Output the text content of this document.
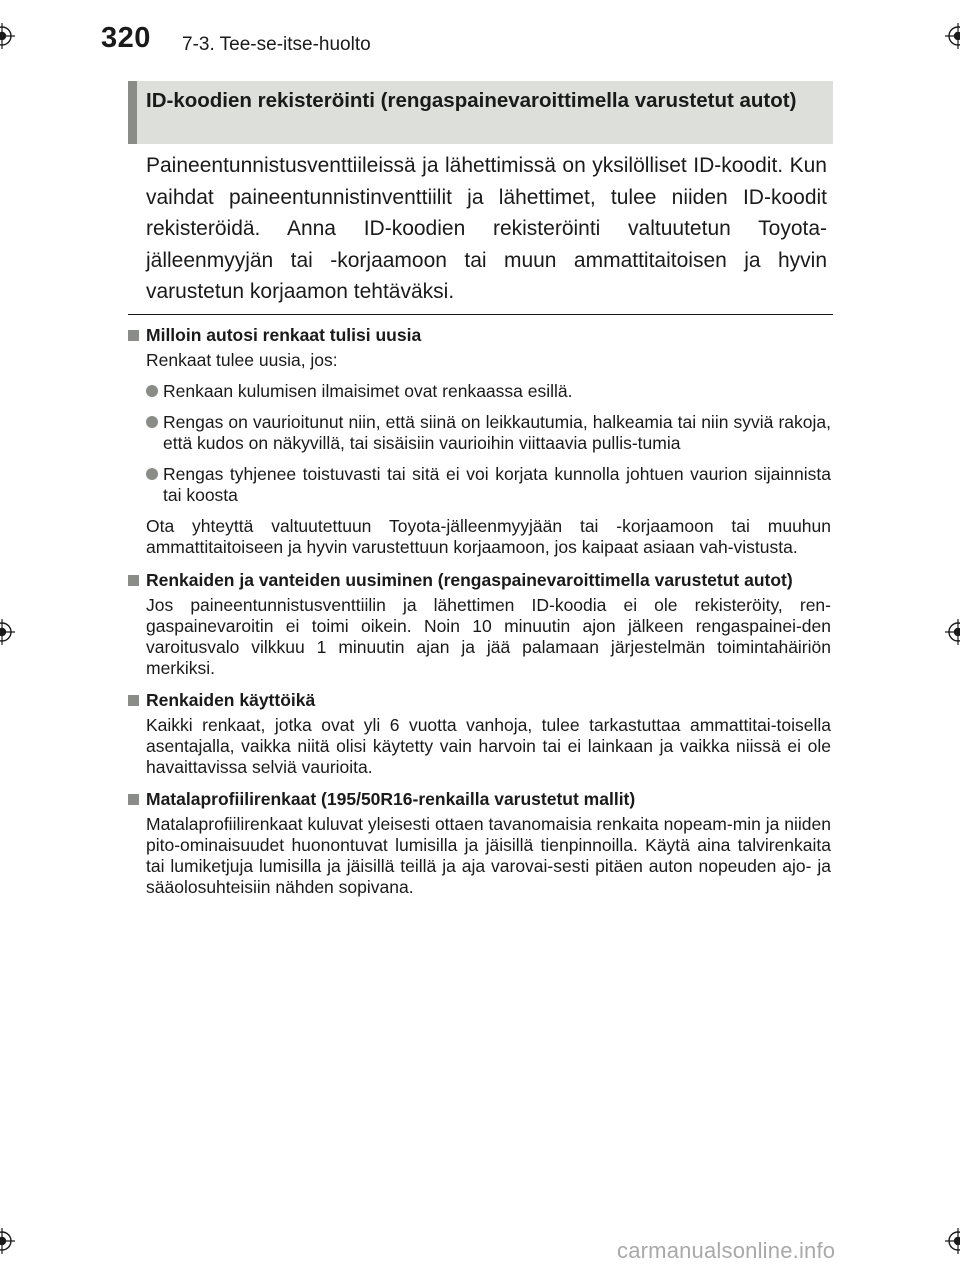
320 7-3. Tee-se-itse-huolto
ID-koodien rekisteröinti (rengaspainevaroittimella varustetut autot)

Paineentunnistusventtiileissä ja lähettimissä on yksilölliset ID-koodit. Kun vaihdat paineentunnistinventtiilit ja lähettimet, tulee niiden ID-koodit rekisteröidä. Anna ID-koodien rekisteröinti valtuutetun Toyota-jälleenmyyjän tai -korjaamoon tai muun ammattitaitoisen ja hyvin varustetun korjaamon tehtäväksi.

Milloin autosi renkaat tulisi uusia

Renkaat tulee uusia, jos:

Renkaan kulumisen ilmaisimet ovat renkaassa esillä.
Rengas on vaurioitunut niin, että siinä on leikkautumia, halkeamia tai niin syviä rakoja, että kudos on näkyvillä, tai sisäisiin vaurioihin viittaavia pullis-tumia
Rengas tyhjenee toistuvasti tai sitä ei voi korjata kunnolla johtuen vaurion sijainnista tai koosta

Ota yhteyttä valtuutettuun Toyota-jälleenmyyjään tai -korjaamoon tai muuhun ammattitaitoiseen ja hyvin varustettuun korjaamoon, jos kaipaat asiaan vah-vistusta.

Renkaiden ja vanteiden uusiminen (rengaspainevaroittimella varustetut autot)

Jos paineentunnistusventtiilin ja lähettimen ID-koodia ei ole rekisteröity, ren-gaspainevaroitin ei toimi oikein. Noin 10 minuutin ajon jälkeen rengaspainei-den varoitusvalo vilkkuu 1 minuutin ajan ja jää palamaan järjestelmän toimintahäiriön merkiksi.

Renkaiden käyttöikä

Kaikki renkaat, jotka ovat yli 6 vuotta vanhoja, tulee tarkastuttaa ammattitai-toisella asentajalla, vaikka niitä olisi käytetty vain harvoin tai ei lainkaan ja vaikka niissä ei ole havaittavissa selviä vaurioita.

Matalaprofiilirenkaat (195/50R16-renkailla varustetut mallit)

Matalaprofiilirenkaat kuluvat yleisesti ottaen tavanomaisia renkaita nopeam-min ja niiden pito-ominaisuudet huonontuvat lumisilla ja jäisillä tienpinnoilla. Käytä aina talvirenkaita tai lumiketjuja lumisilla ja jäisillä teillä ja aja varovai-sesti pitäen auton nopeuden ajo- ja sääolosuhteisiin nähden sopivana.

carmanualsonline.info
